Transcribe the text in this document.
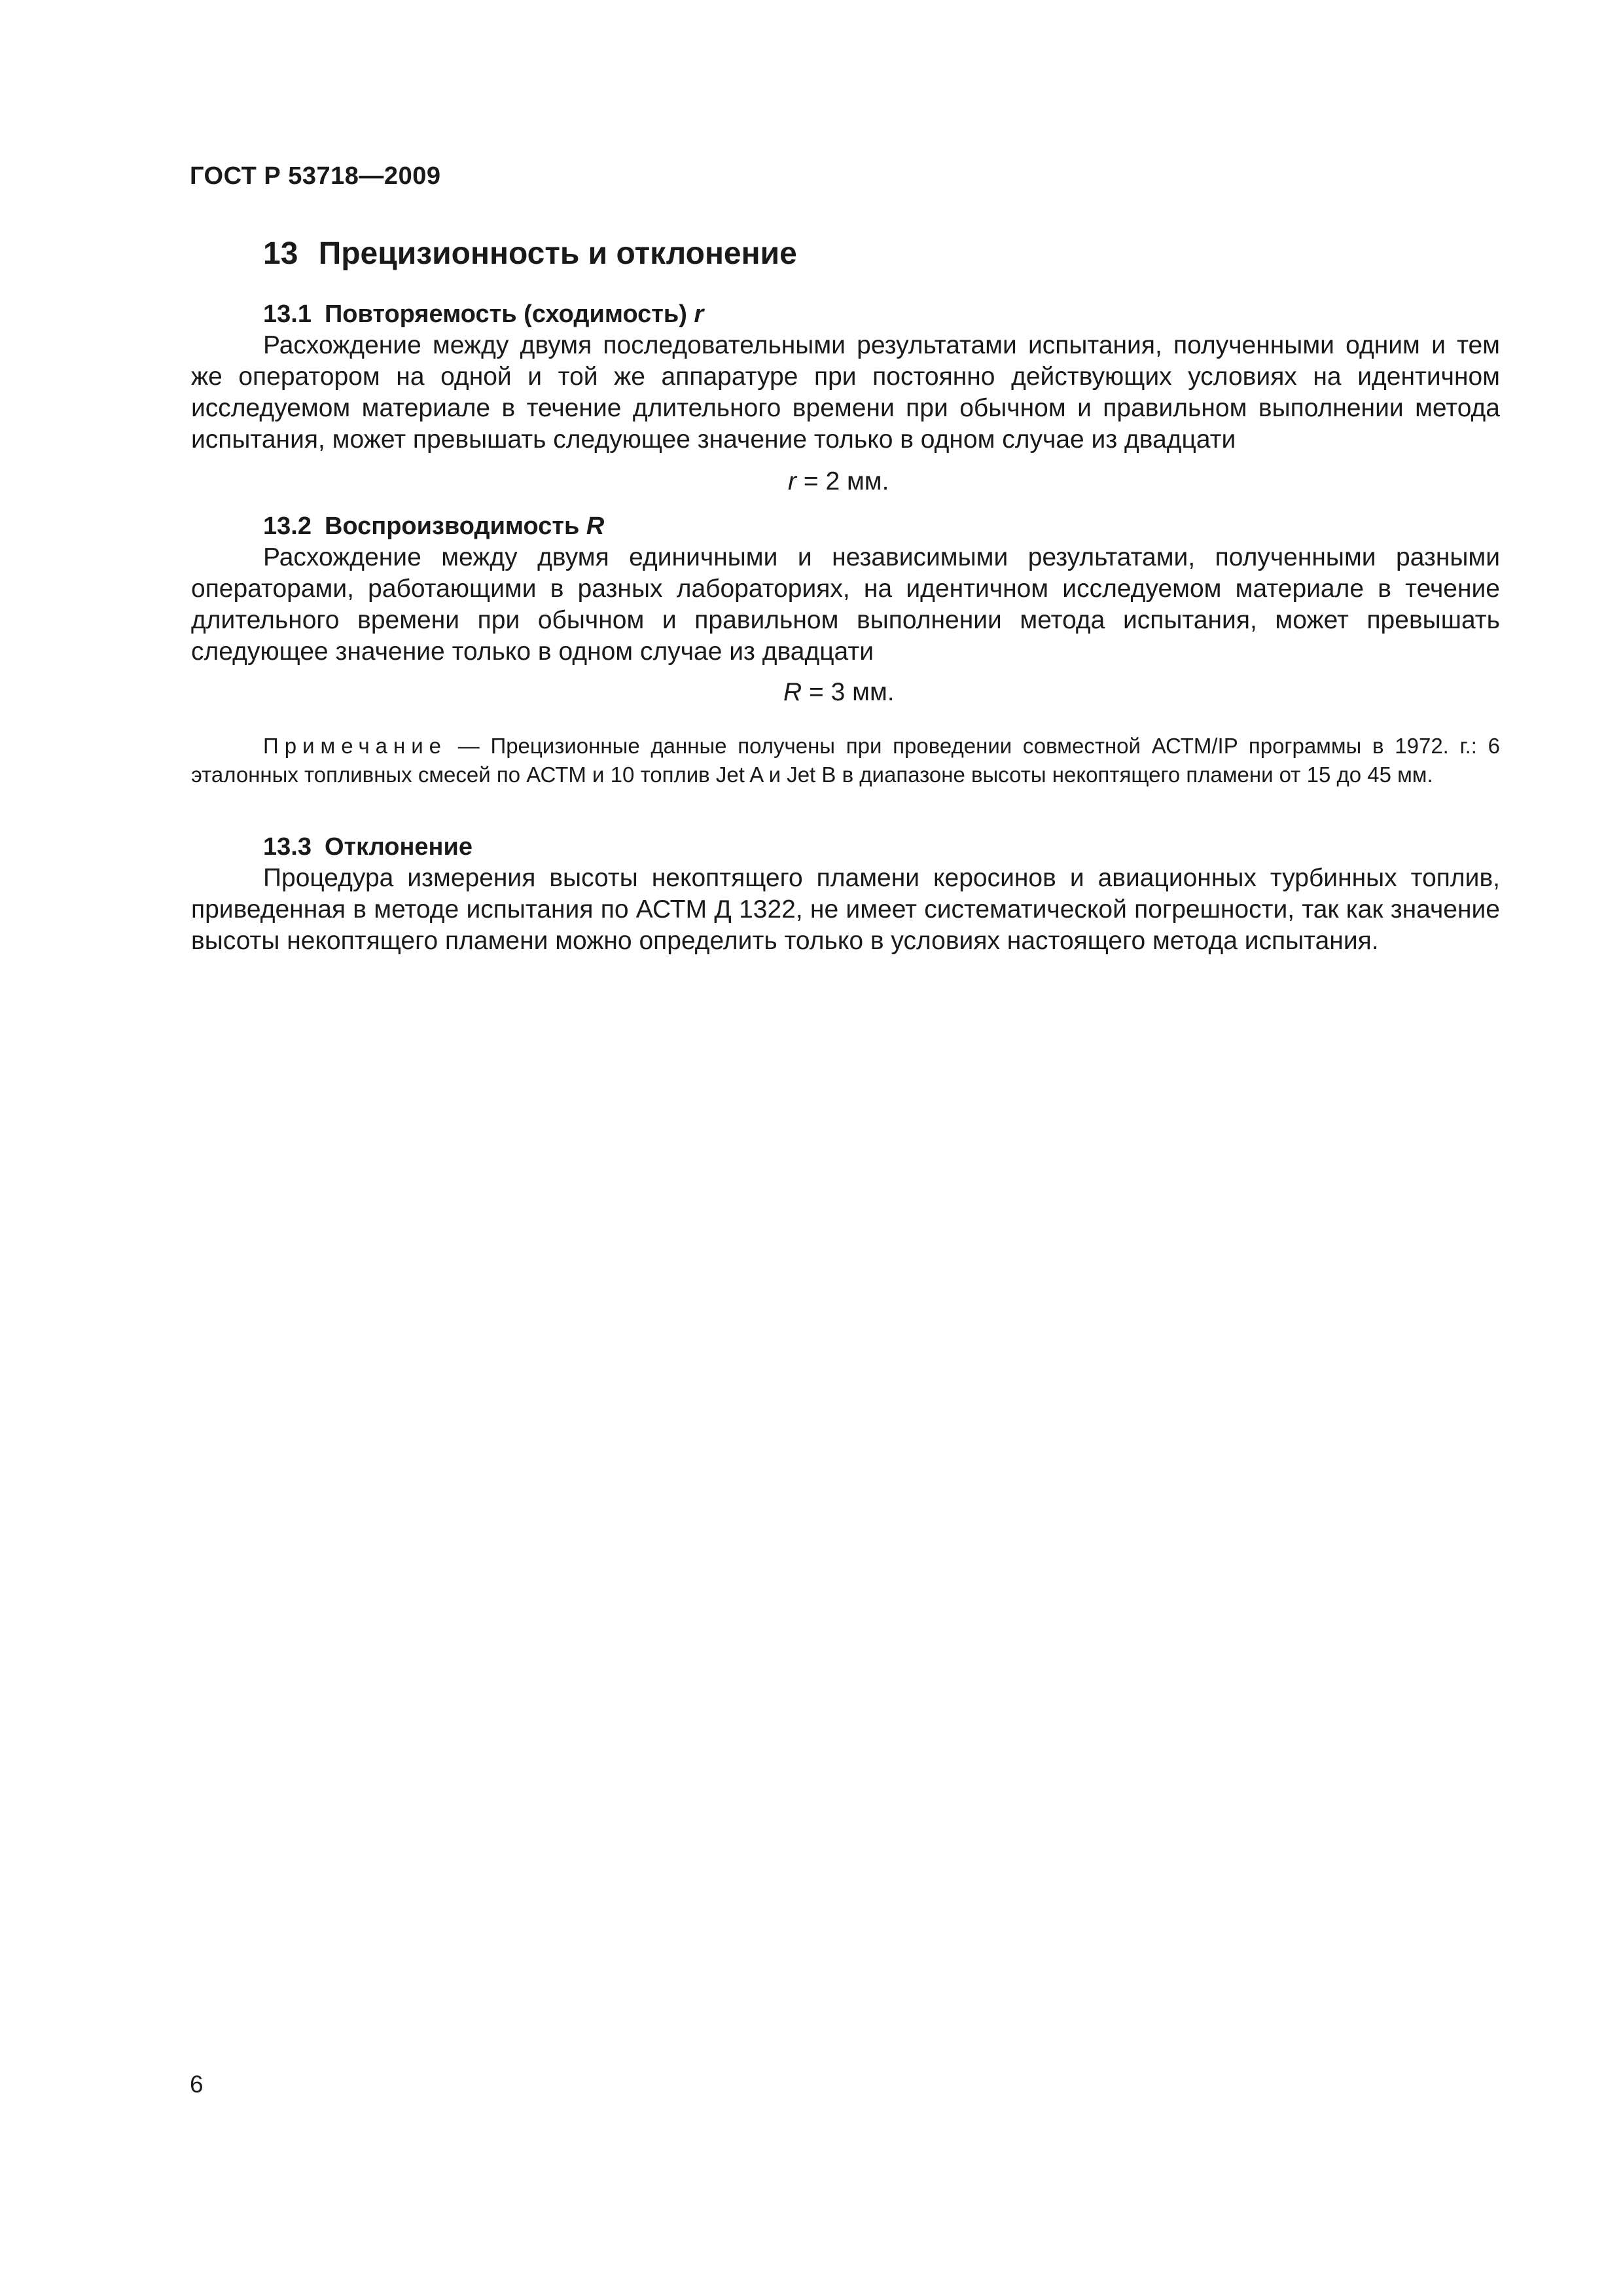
ГОСТ Р 53718—2009
13 Прецизионность и отклонение
13.1 Повторяемость (сходимость) r

Расхождение между двумя последовательными результатами испытания, полученными одним и тем же оператором на одной и той же аппаратуре при постоянно действующих условиях на идентичном исследуемом материале в течение длительного времени при обычном и правильном выполнении метода испытания, может превышать следующее значение только в одном случае из двадцати

r = 2 мм.
13.2 Воспроизводимость R

Расхождение между двумя единичными и независимыми результатами, полученными разными операторами, работающими в разных лабораториях, на идентичном исследуемом материале в течение длительного времени при обычном и правильном выполнении метода испытания, может превышать следующее значение только в одном случае из двадцати

R = 3 мм.

Примечание — Прецизионные данные получены при проведении совместной АСТМ/IP программы в 1972. г.: 6 эталонных топливных смесей по АСТМ и 10 топлив Jet A и Jet B в диапазоне высоты некоптящего пламени от 15 до 45 мм.

13.3 Отклонение

Процедура измерения высоты некоптящего пламени керосинов и авиационных турбинных топлив, приведенная в методе испытания по АСТМ Д 1322, не имеет систематической погрешности, так как значение высоты некоптящего пламени можно определить только в условиях настоящего метода испытания.

6
